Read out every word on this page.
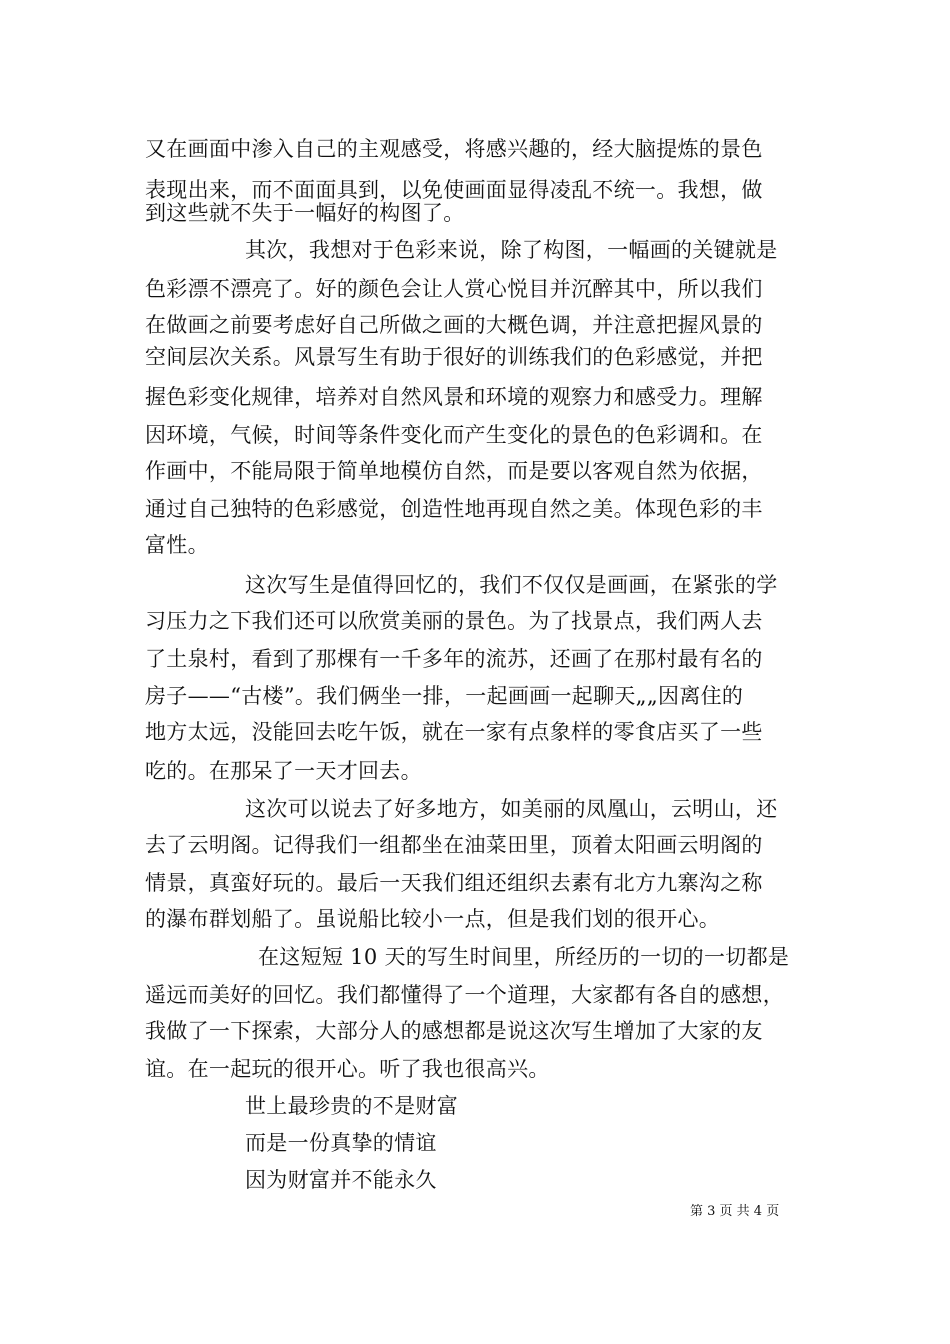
又在画面中渗入自己的主观感受，将感兴趣的，经大脑提炼的景色
表现出来，而不面面具到，以免使画面显得凌乱不统一。我想，做
到这些就不失于一幅好的构图了。
其次，我想对于色彩来说，除了构图，一幅画的关键就是
色彩漂不漂亮了。好的颜色会让人赏心悦目并沉醉其中，所以我们
在做画之前要考虑好自己所做之画的大概色调，并注意把握风景的
空间层次关系。风景写生有助于很好的训练我们的色彩感觉，并把
握色彩变化规律，培养对自然风景和环境的观察力和感受力。理解
因环境，气候，时间等条件变化而产生变化的景色的色彩调和。在
作画中，不能局限于简单地模仿自然，而是要以客观自然为依据，
通过自己独特的色彩感觉，创造性地再现自然之美。体现色彩的丰
富性。
这次写生是值得回忆的，我们不仅仅是画画，在紧张的学
习压力之下我们还可以欣赏美丽的景色。为了找景点，我们两人去
了土泉村，看到了那棵有一千多年的流苏，还画了在那村最有名的
房子——“古楼”。我们俩坐一排，一起画画一起聊天„„因离住的
地方太远，没能回去吃午饭，就在一家有点象样的零食店买了一些
吃的。在那呆了一天才回去。
这次可以说去了好多地方，如美丽的凤凰山，云明山，还
去了云明阁。记得我们一组都坐在油菜田里，顶着太阳画云明阁的
情景，真蛮好玩的。最后一天我们组还组织去素有北方九寨沟之称
的瀑布群划船了。虽说船比较小一点，但是我们划的很开心。
在这短短 10 天的写生时间里，所经历的一切的一切都是
遥远而美好的回忆。我们都懂得了一个道理，大家都有各自的感想，
我做了一下探索，大部分人的感想都是说这次写生增加了大家的友
谊。在一起玩的很开心。听了我也很高兴。
世上最珍贵的不是财富
而是一份真挚的情谊
因为财富并不能永久
第 3 页 共 4 页
